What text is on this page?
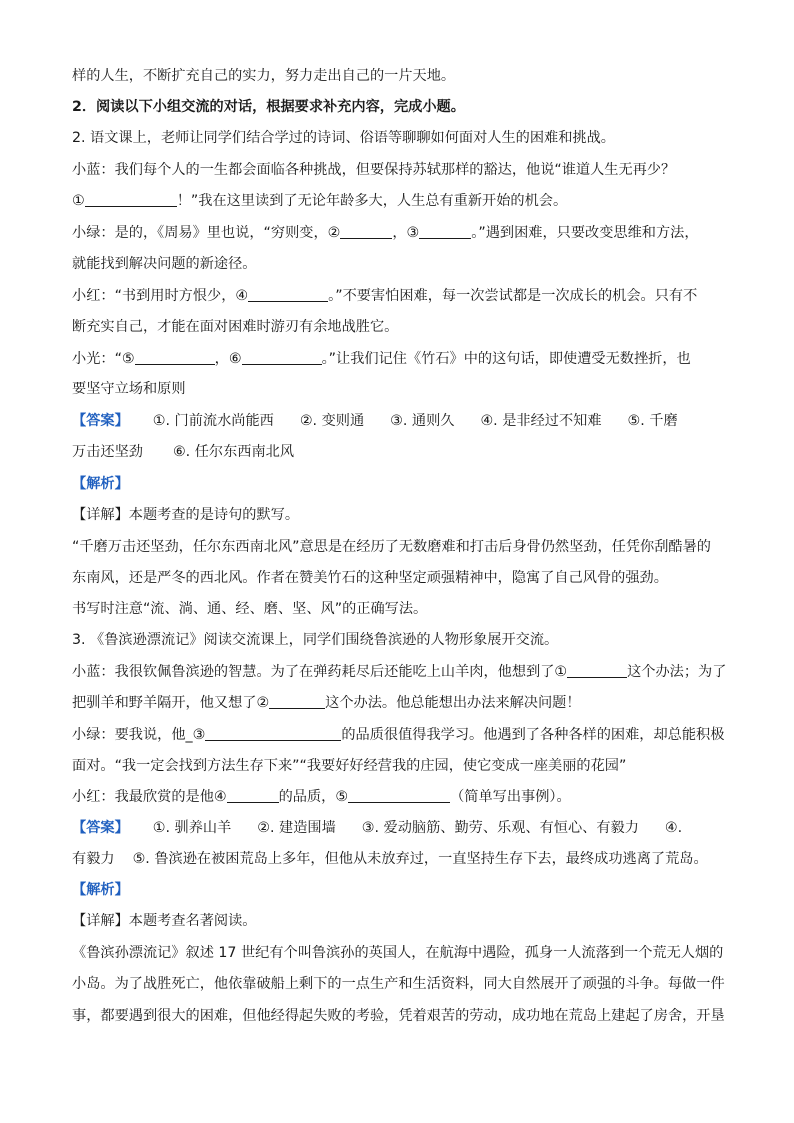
样的人生，不断扩充自己的实力，努力走出自己的一片天地。
2．阅读以下小组交流的对话，根据要求补充内容，完成小题。
2. 语文课上，老师让同学们结合学过的诗词、俗语等聊聊如何面对人生的困难和挑战。
小蓝：我们每个人的一生都会面临各种挑战，但要保持苏轼那样的豁达，他说“谁道人生无再少？
①	！”我在这里读到了无论年龄多大，人生总有重新开始的机会。
小绿：是的，《周易》里也说，“穷则变，②	，③	。”遇到困难，只要改变思维和方法，
就能找到解决问题的新途径。
小红：“书到用时方恨少，④	。”不要害怕困难，每一次尝试都是一次成长的机会。只有不
断充实自己，才能在面对困难时游刃有余地战胜它。
小光：“⑤	，⑥	。”让我们记住《竹石》中的这句话，即使遭受无数挫折，也
要坚守立场和原则
【答案】 ①. 门前流水尚能西 ②. 变则通 ③. 通则久 ④. 是非经过不知难 ⑤. 千磨
万击还坚劲 ⑥. 任尔东西南北风
【解析】
【详解】本题考查的是诗句的默写。
“千磨万击还坚劲，任尔东西南北风”意思是在经历了无数磨难和打击后身骨仍然坚劲，任凭你刮酷暑的
东南风，还是严冬的西北风。作者在赞美竹石的这种坚定顽强精神中，隐寓了自己风骨的强劲。
书写时注意“流、淌、通、经、磨、坚、风”的正确写法。
3. 《鲁滨逊漂流记》阅读交流课上，同学们围绕鲁滨逊的人物形象展开交流。
小蓝：我很钦佩鲁滨逊的智慧。为了在弹药耗尽后还能吃上山羊肉，他想到了①	这个办法；为了
把驯羊和野羊隔开，他又想了②	这个办法。他总能想出办法来解决问题！
小绿：要我说，他_③	的品质很值得我学习。他遇到了各种各样的困难，却总能积极
面对。“我一定会找到方法生存下来”“我要好好经营我的庄园，使它变成一座美丽的花园”
小红：我最欣赏的是他④	的品质，⑤	（简单写出事例）。
【答案】 ①. 驯养山羊 ②. 建造围墙 ③. 爱动脑筋、勤劳、乐观、有恒心、有毅力 ④.
有毅力 ⑤. 鲁滨逊在被困荒岛上多年，但他从未放弃过，一直坚持生存下去，最终成功逃离了荒岛。
【解析】
【详解】本题考查名著阅读。
《鲁滨孙漂流记》叙述 17 世纪有个叫鲁滨孙的英国人，在航海中遇险，孤身一人流落到一个荒无人烟的
小岛。为了战胜死亡，他依靠破船上剩下的一点生产和生活资料，同大自然展开了顽强的斗争。每做一件
事，都要遇到很大的困难，但他经得起失败的考验，凭着艰苦的劳动，成功地在荒岛上建起了房舍，开垦
